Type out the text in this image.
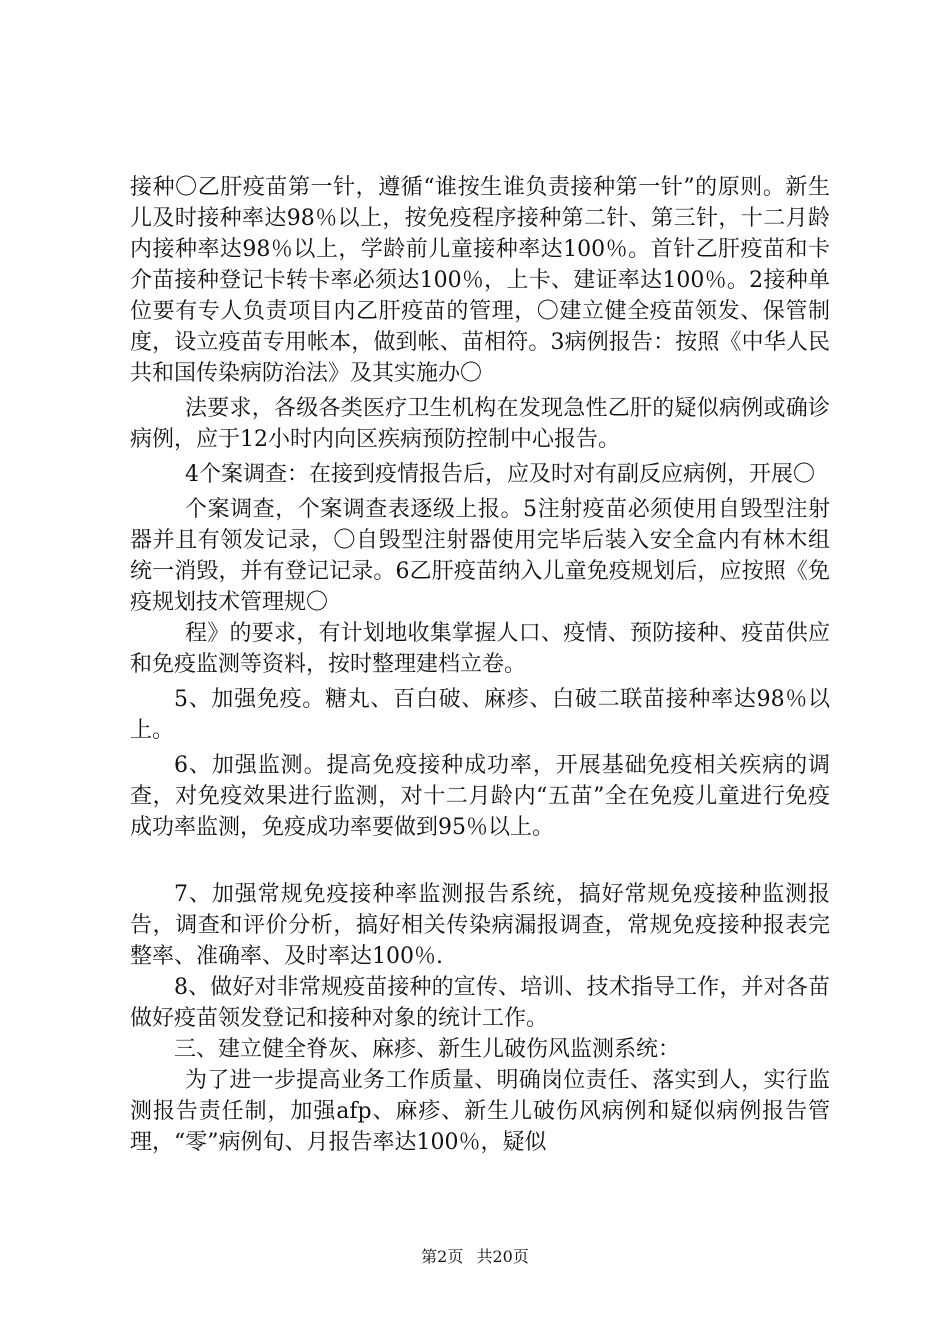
接种〇乙肝疫苗第一针，遵循“谁按生谁负责接种第一针”的原则。新生儿及时接种率达98％以上，按免疫程序接种第二针、第三针，十二月龄内接种率达98％以上，学龄前儿童接种率达100％。首针乙肝疫苗和卡介苗接种登记卡转卡率必须达100％，上卡、建证率达100％。2接种单位要有专人负责项目内乙肝疫苗的管理，〇建立健全疫苗领发、保管制度，设立疫苗专用帐本，做到帐、苗相符。3病例报告：按照《中华人民共和国传染病防治法》及其实施办〇

法要求，各级各类医疗卫生机构在发现急性乙肝的疑似病例或确诊病例，应于12小时内向区疾病预防控制中心报告。

4个案调查：在接到疫情报告后，应及时对有副反应病例，开展〇

个案调查，个案调查表逐级上报。5注射疫苗必须使用自毁型注射器并且有领发记录，〇自毁型注射器使用完毕后装入安全盒内有林木组统一消毁，并有登记记录。6乙肝疫苗纳入儿童免疫规划后，应按照《免疫规划技术管理规〇

程》的要求，有计划地收集掌握人口、疫情、预防接种、疫苗供应和免疫监测等资料，按时整理建档立卷。

5、加强免疫。糖丸、百白破、麻疹、白破二联苗接种率达98％以上。

6、加强监测。提高免疫接种成功率，开展基础免疫相关疾病的调查，对免疫效果进行监测，对十二月龄内“五苗”全在免疫儿童进行免疫成功率监测，免疫成功率要做到95％以上。

7、加强常规免疫接种率监测报告系统，搞好常规免疫接种监测报告，调查和评价分析，搞好相关传染病漏报调查，常规免疫接种报表完整率、准确率、及时率达100％.

8、做好对非常规疫苗接种的宣传、培训、技术指导工作，并对各苗做好疫苗领发登记和接种对象的统计工作。

三、建立健全脊灰、麻疹、新生儿破伤风监测系统：

为了进一步提高业务工作质量、明确岗位责任、落实到人，实行监测报告责任制，加强afp、麻疹、新生儿破伤风病例和疑似病例报告管理，“零”病例旬、月报告率达100％，疑似

第2页 共20页
